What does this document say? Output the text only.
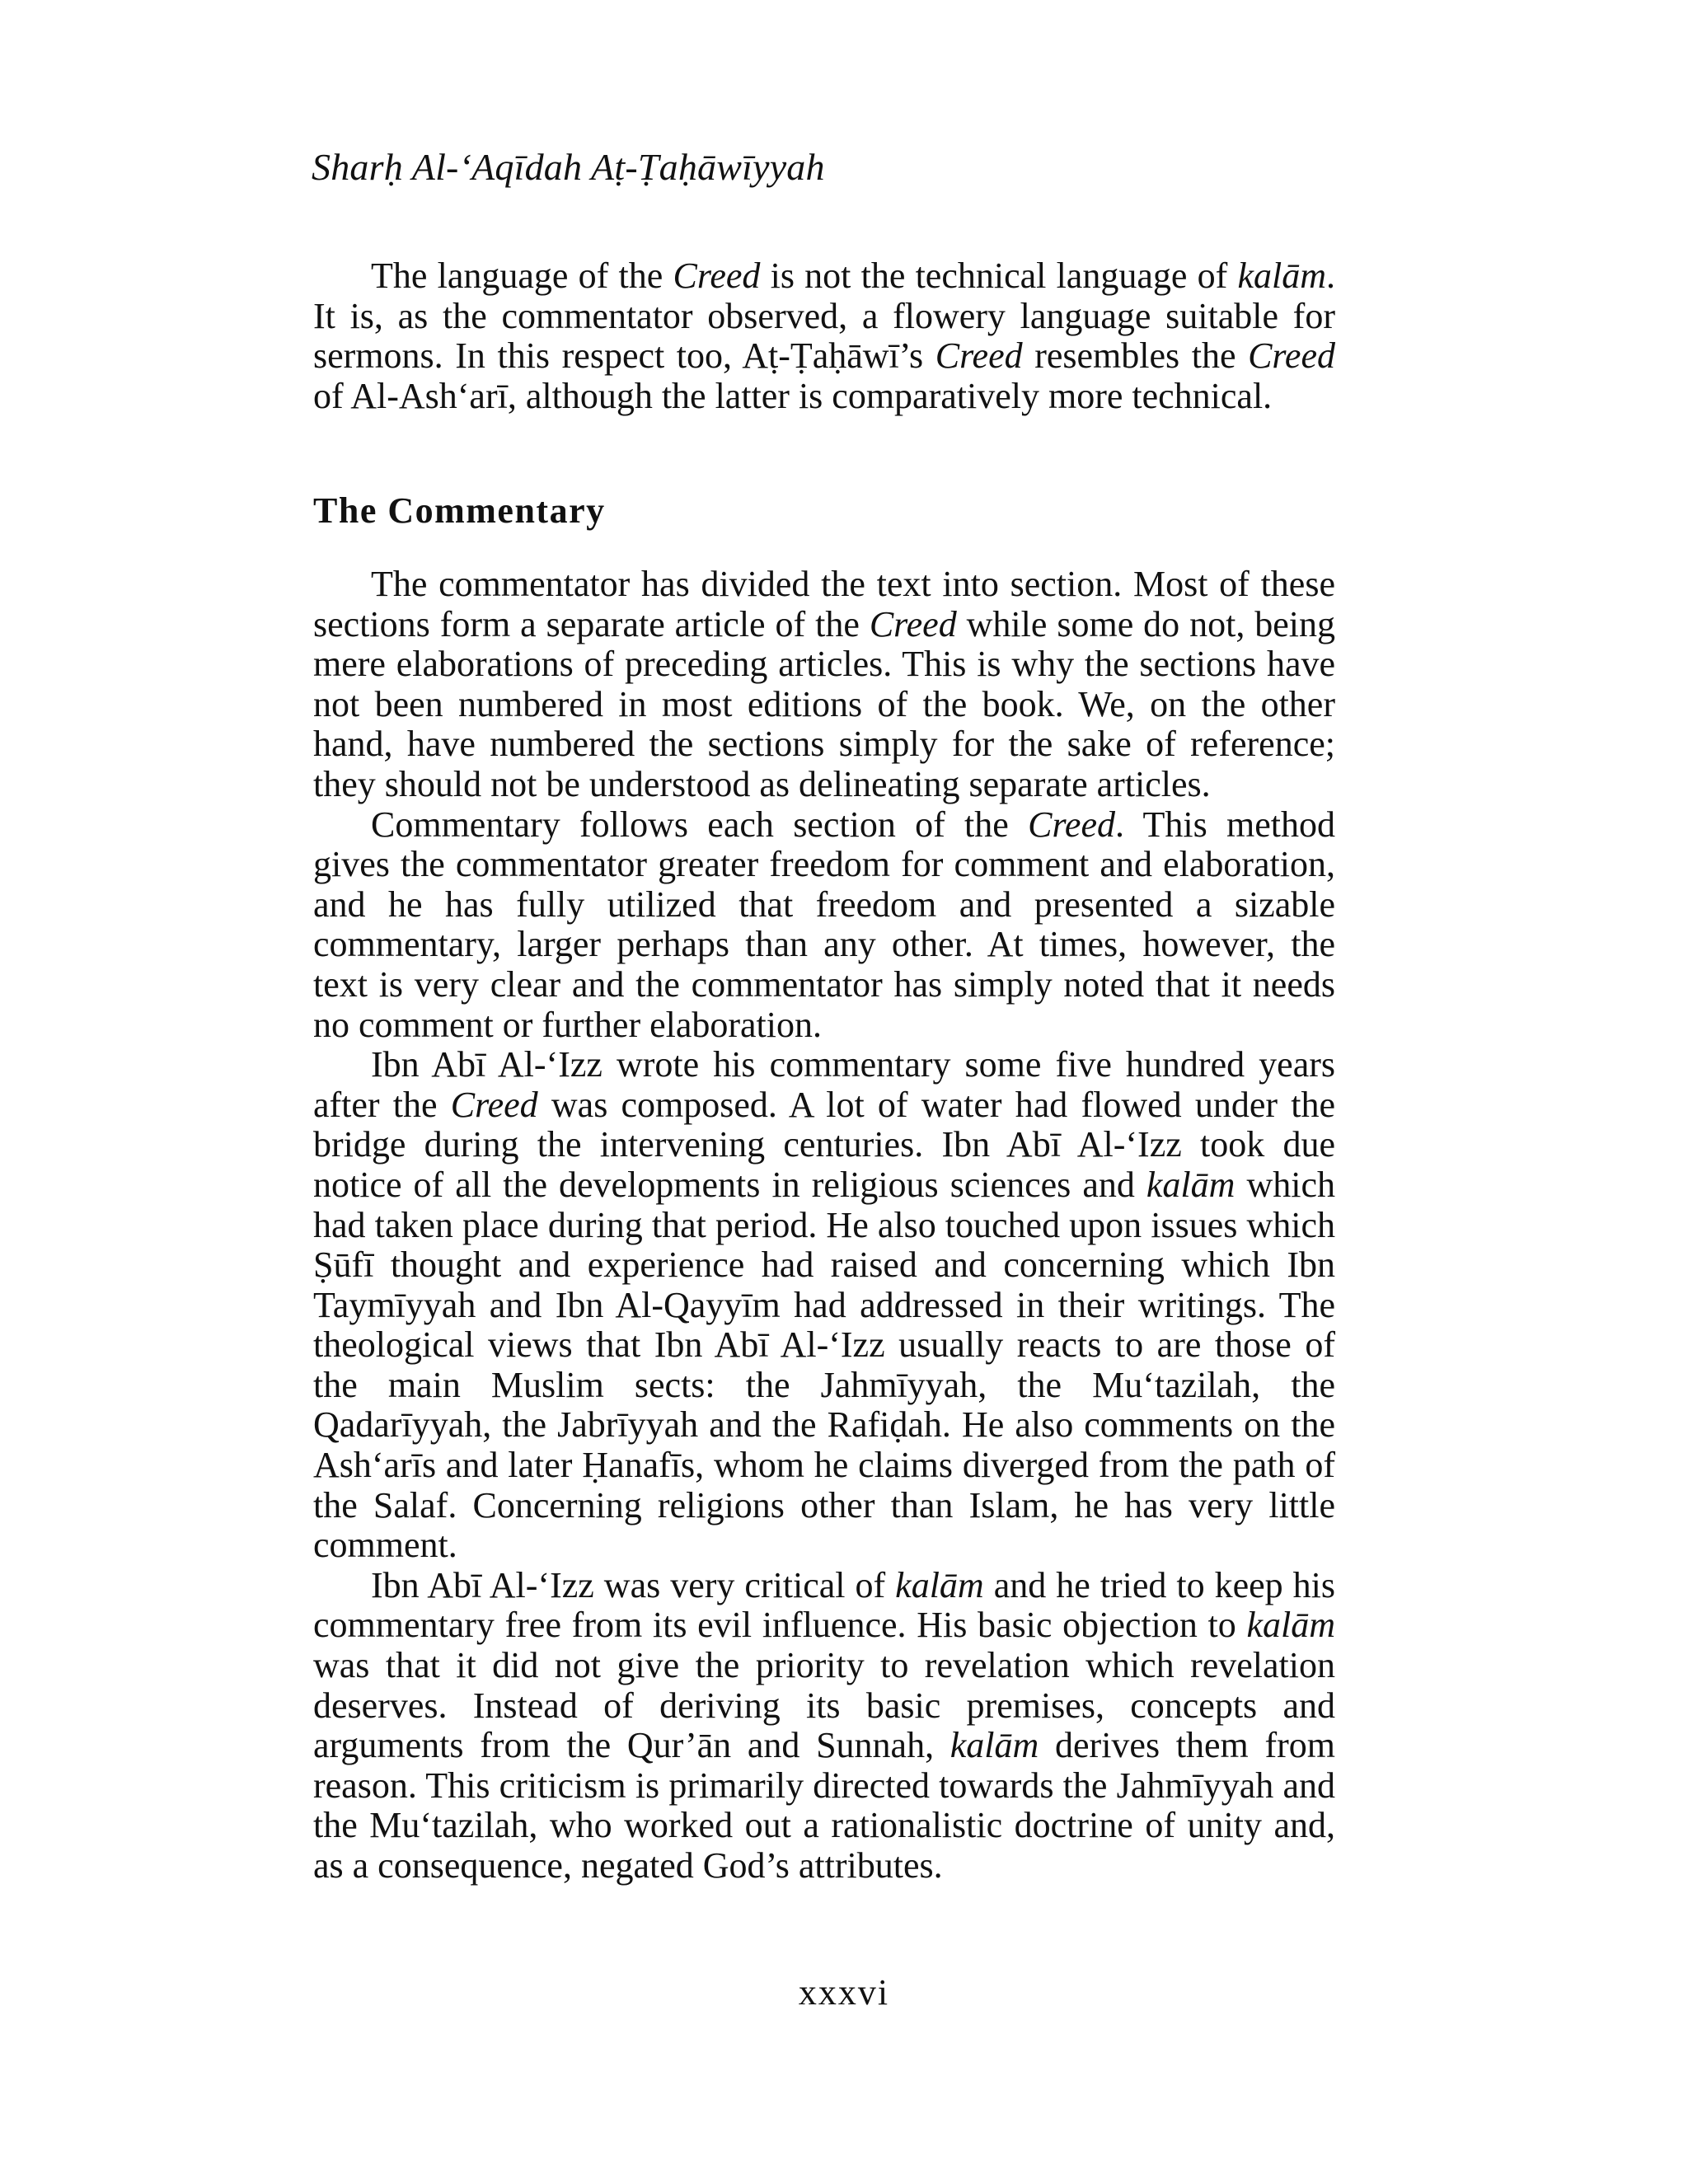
Sharḥ Al-‘Aqīdah Aṭ-Ṭaḥāwīyyah

The language of the Creed is not the technical language of kalām. It is, as the commentator observed, a flowery language suitable for sermons. In this respect too, Aṭ-Ṭaḥāwī’s Creed resembles the Creed of Al-Ash‘arī, although the latter is comparatively more technical.

The Commentary

The commentator has divided the text into section. Most of these sections form a separate article of the Creed while some do not, being mere elaborations of preceding articles. This is why the sections have not been numbered in most editions of the book. We, on the other hand, have numbered the sections simply for the sake of reference; they should not be understood as delineating separate articles.

Commentary follows each section of the Creed. This method gives the commentator greater freedom for comment and elaboration, and he has fully utilized that freedom and presented a sizable commentary, larger perhaps than any other. At times, however, the text is very clear and the commentator has simply noted that it needs no comment or further elaboration.

Ibn Abī Al-‘Izz wrote his commentary some five hundred years after the Creed was composed. A lot of water had flowed under the bridge during the intervening centuries. Ibn Abī Al-‘Izz took due notice of all the developments in religious sciences and kalām which had taken place during that period. He also touched upon issues which Ṣūfī thought and experience had raised and concerning which Ibn Taymīyyah and Ibn Al-Qayyīm had addressed in their writings. The theological views that Ibn Abī Al-‘Izz usually reacts to are those of the main Muslim sects: the Jahmīyyah, the Mu‘tazilah, the Qadarīyyah, the Jabrīyyah and the Rafiḍah. He also comments on the Ash‘arīs and later Ḥanafīs, whom he claims diverged from the path of the Salaf. Concerning religions other than Islam, he has very little comment.

Ibn Abī Al-‘Izz was very critical of kalām and he tried to keep his commentary free from its evil influence. His basic objection to kalām was that it did not give the priority to revelation which revelation deserves. Instead of deriving its basic premises, concepts and arguments from the Qur’ān and Sunnah, kalām derives them from reason. This criticism is primarily directed towards the Jahmīyyah and the Mu‘tazilah, who worked out a rationalistic doctrine of unity and, as a consequence, negated God’s attributes.

xxxvi
